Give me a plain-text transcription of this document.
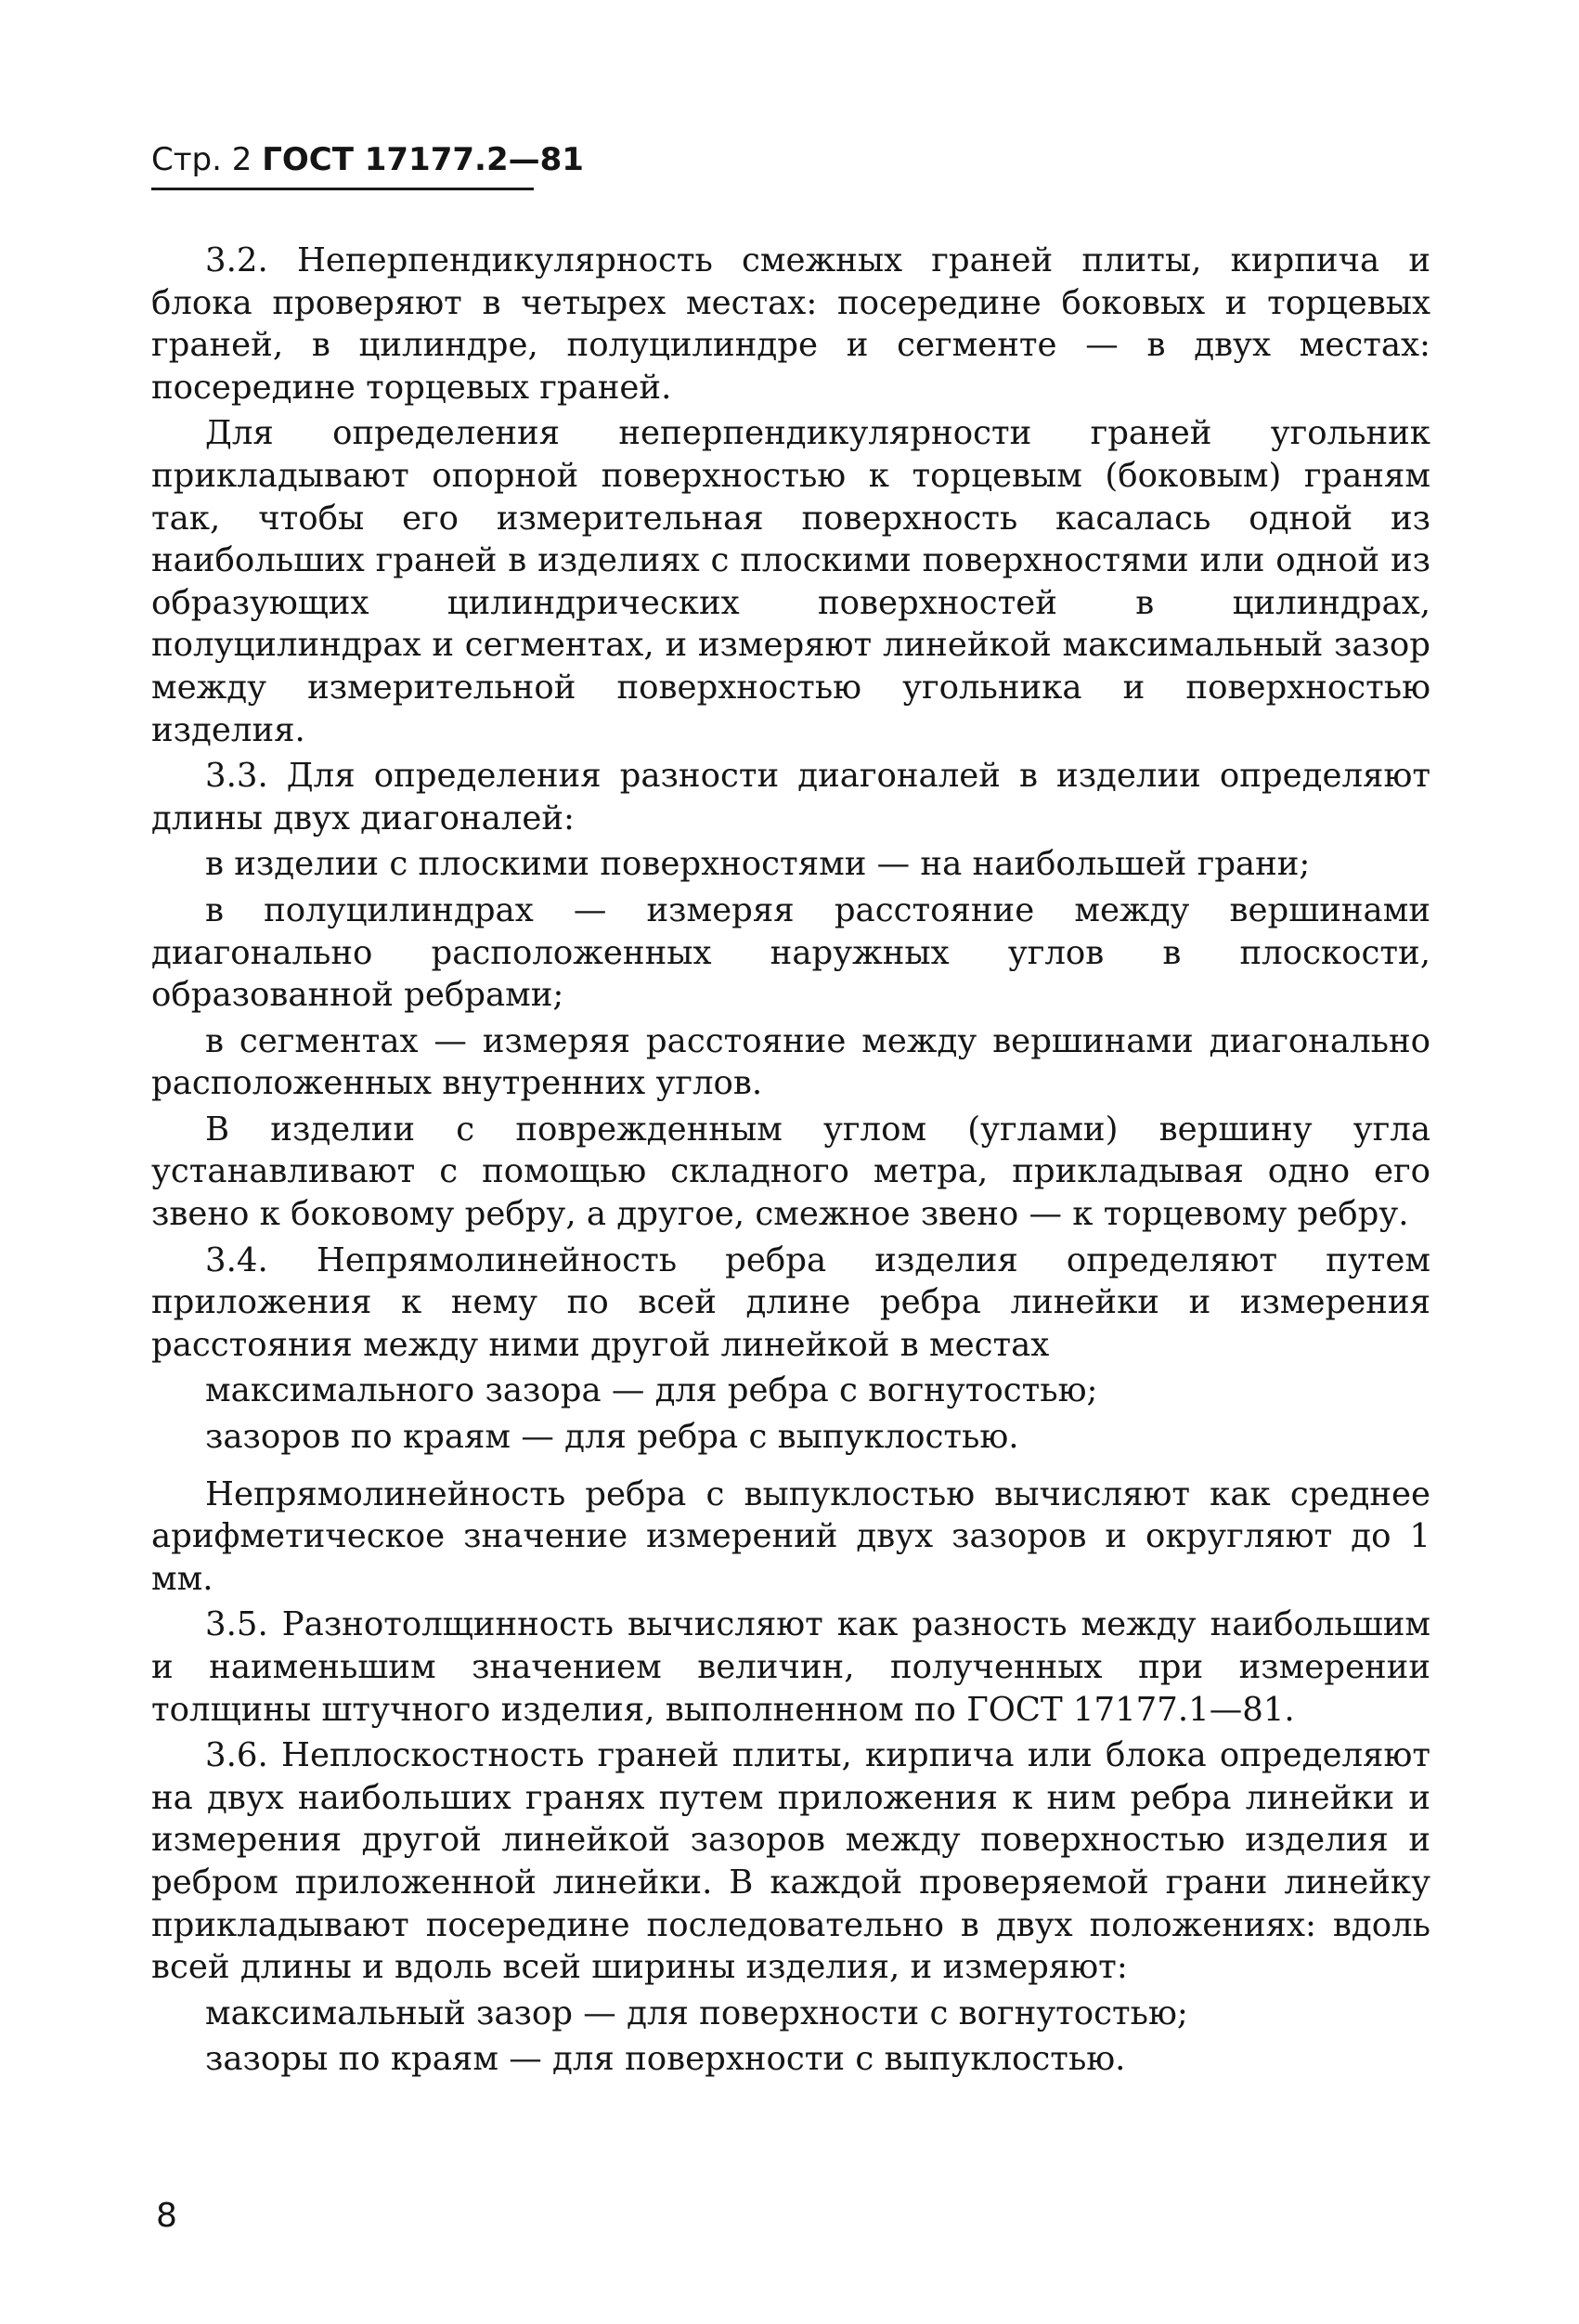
Стр. 2 ГОСТ 17177.2—81

3.2. Неперпендикулярность смежных граней плиты, кирпича и блока проверяют в четырех местах: посередине боковых и торцевых граней, в цилиндре, полуцилиндре и сегменте — в двух местах: посередине торцевых граней.

Для определения неперпендикулярности граней угольник прикладывают опорной поверхностью к торцевым (боковым) граням так, чтобы его измерительная поверхность касалась одной из наибольших граней в изделиях с плоскими поверхностями или одной из образующих цилиндрических поверхностей в цилиндрах, полуцилиндрах и сегментах, и измеряют линейкой максимальный зазор между измерительной поверхностью угольника и поверхностью изделия.

3.3. Для определения разности диагоналей в изделии определяют длины двух диагоналей:

в изделии с плоскими поверхностями — на наибольшей грани;

в полуцилиндрах — измеряя расстояние между вершинами диагонально расположенных наружных углов в плоскости, образованной ребрами;

в сегментах — измеряя расстояние между вершинами диагонально расположенных внутренних углов.

В изделии с поврежденным углом (углами) вершину угла устанавливают с помощью складного метра, прикладывая одно его звено к боковому ребру, а другое, смежное звено — к торцевому ребру.

3.4. Непрямолинейность ребра изделия определяют путем приложения к нему по всей длине ребра линейки и измерения расстояния между ними другой линейкой в местах

максимального зазора — для ребра с вогнутостью;

зазоров по краям — для ребра с выпуклостью.

Непрямолинейность ребра с выпуклостью вычисляют как среднее арифметическое значение измерений двух зазоров и округляют до 1 мм.

3.5. Разнотолщинность вычисляют как разность между наибольшим и наименьшим значением величин, полученных при измерении толщины штучного изделия, выполненном по ГОСТ 17177.1—81.

3.6. Неплоскостность граней плиты, кирпича или блока определяют на двух наибольших гранях путем приложения к ним ребра линейки и измерения другой линейкой зазоров между поверхностью изделия и ребром приложенной линейки. В каждой проверяемой грани линейку прикладывают посередине последовательно в двух положениях: вдоль всей длины и вдоль всей ширины изделия, и измеряют:

максимальный зазор — для поверхности с вогнутостью;

зазоры по краям — для поверхности с выпуклостью.

8
